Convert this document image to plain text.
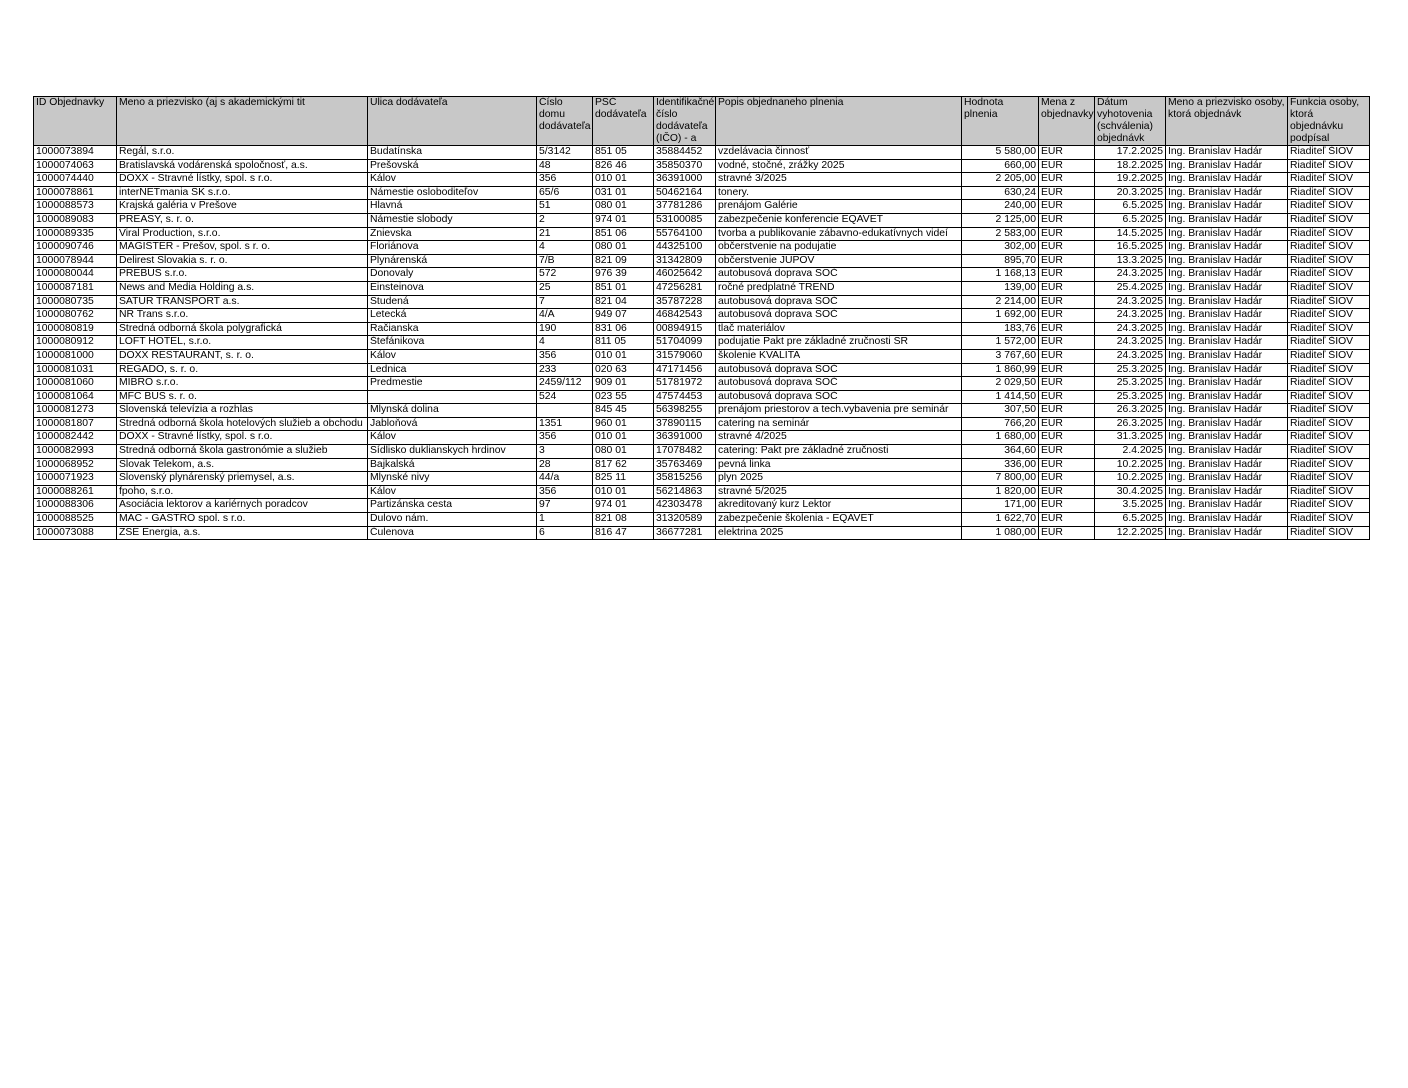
ID Objednavky	Meno a priezvisko (aj s akademickými tit	Ulica dodávateľa	Číslo domu dodávateľa	PSČ dodávateľa	Identifikačné číslo dodávateľa (IČO) - a	Popis objednaneho plnenia	Hodnota plnenia	Mena z objednavky	Dátum vyhotovenia (schválenia) objednávk	Meno a priezvisko osoby, ktorá objednávk	Funkcia osoby, ktorá objednávku podpísal
1000073894	Regál, s.r.o.	Budatínska	5/3142	851 05	35884452	vzdelávacia činnosť	5 580,00	EUR	17.2.2025	Ing. Branislav Hadár	Riaditeľ ŠIOV
1000074063	Bratislavská vodárenská spoločnosť, a.s.	Prešovská	48	826 46	35850370	vodné, stočné, zrážky 2025	660,00	EUR	18.2.2025	Ing. Branislav Hadár	Riaditeľ ŠIOV
1000074440	DOXX - Stravné lístky, spol. s r.o.	Kálov	356	010 01	36391000	stravné 3/2025	2 205,00	EUR	19.2.2025	Ing. Branislav Hadár	Riaditeľ ŠIOV
1000078861	interNETmania SK s.r.o.	Námestie osloboditeľov	65/6	031 01	50462164	tonery.	630,24	EUR	20.3.2025	Ing. Branislav Hadár	Riaditeľ ŠIOV
1000088573	Krajská galéria v Prešove	Hlavná	51	080 01	37781286	prenájom Galérie	240,00	EUR	6.5.2025	Ing. Branislav Hadár	Riaditeľ ŠIOV
1000089083	PREASY, s. r. o.	Námestie slobody	2	974 01	53100085	zabezpečenie konferencie EQAVET	2 125,00	EUR	6.5.2025	Ing. Branislav Hadár	Riaditeľ ŠIOV
1000089335	Viral Production, s.r.o.	Znievska	21	851 06	55764100	tvorba a publikovanie zábavno-edukatívnych videí	2 583,00	EUR	14.5.2025	Ing. Branislav Hadár	Riaditeľ ŠIOV
1000090746	MAGISTER - Prešov, spol. s r. o.	Floriánova	4	080 01	44325100	občerstvenie na podujatie	302,00	EUR	16.5.2025	Ing. Branislav Hadár	Riaditeľ ŠIOV
1000078944	Delirest Slovakia s. r. o.	Plynárenská	7/B	821 09	31342809	občerstvenie JUPOV	895,70	EUR	13.3.2025	Ing. Branislav Hadár	Riaditeľ ŠIOV
1000080044	PREBUS s.r.o.	Donovaly	572	976 39	46025642	autobusová doprava SOČ	1 168,13	EUR	24.3.2025	Ing. Branislav Hadár	Riaditeľ ŠIOV
1000087181	News and Media Holding a.s.	Einsteinova	25	851 01	47256281	ročné predplatné TREND	139,00	EUR	25.4.2025	Ing. Branislav Hadár	Riaditeľ ŠIOV
1000080735	SATUR TRANSPORT a.s.	Studená	7	821 04	35787228	autobusová doprava SOČ	2 214,00	EUR	24.3.2025	Ing. Branislav Hadár	Riaditeľ ŠIOV
1000080762	NR Trans s.r.o.	Letecká	4/A	949 07	46842543	autobusová doprava SOČ	1 692,00	EUR	24.3.2025	Ing. Branislav Hadár	Riaditeľ ŠIOV
1000080819	Stredná odborná škola polygrafická	Račianska	190	831 06	00894915	tlač materiálov	183,76	EUR	24.3.2025	Ing. Branislav Hadár	Riaditeľ ŠIOV
1000080912	LOFT HOTEL, s.r.o.	Štefánikova	4	811 05	51704099	podujatie Pakt pre základné zručnosti SR	1 572,00	EUR	24.3.2025	Ing. Branislav Hadár	Riaditeľ ŠIOV
1000081000	DOXX RESTAURANT, s. r. o.	Kálov	356	010 01	31579060	školenie KVALITA	3 767,60	EUR	24.3.2025	Ing. Branislav Hadár	Riaditeľ ŠIOV
1000081031	REGADO, s. r. o.	Lednica	233	020 63	47171456	autobusová doprava SOČ	1 860,99	EUR	25.3.2025	Ing. Branislav Hadár	Riaditeľ ŠIOV
1000081060	MIBRO s.r.o.	Predmestie	2459/112	909 01	51781972	autobusová doprava SOČ	2 029,50	EUR	25.3.2025	Ing. Branislav Hadár	Riaditeľ ŠIOV
1000081064	MFC BUS s. r. o.		524	023 55	47574453	autobusová doprava SOČ	1 414,50	EUR	25.3.2025	Ing. Branislav Hadár	Riaditeľ ŠIOV
1000081273	Slovenská televízia a rozhlas	Mlynská dolina		845 45	56398255	prenájom priestorov a tech.vybavenia pre seminár	307,50	EUR	26.3.2025	Ing. Branislav Hadár	Riaditeľ ŠIOV
1000081807	Stredná odborná škola hotelových služieb a obchodu	Jabloňová	1351	960 01	37890115	catering na seminár	766,20	EUR	26.3.2025	Ing. Branislav Hadár	Riaditeľ ŠIOV
1000082442	DOXX - Stravné lístky, spol. s r.o.	Kálov	356	010 01	36391000	stravné 4/2025	1 680,00	EUR	31.3.2025	Ing. Branislav Hadár	Riaditeľ ŠIOV
1000082993	Stredná odborná škola gastronómie a služieb	Sídlisko duklianskych hrdinov	3	080 01	17078482	catering: Pakt pre základné zručnosti	364,60	EUR	2.4.2025	Ing. Branislav Hadár	Riaditeľ ŠIOV
1000068952	Slovak Telekom, a.s.	Bajkalská	28	817 62	35763469	pevná linka	336,00	EUR	10.2.2025	Ing. Branislav Hadár	Riaditeľ ŠIOV
1000071923	Slovenský plynárenský priemysel, a.s.	Mlynské nivy	44/a	825 11	35815256	plyn 2025	7 800,00	EUR	10.2.2025	Ing. Branislav Hadár	Riaditeľ ŠIOV
1000088261	fpoho, s.r.o.	Kálov	356	010 01	56214863	stravné 5/2025	1 820,00	EUR	30.4.2025	Ing. Branislav Hadár	Riaditeľ ŠIOV
1000088306	Asociácia lektorov a kariérnych poradcov	Partizánska cesta	97	974 01	42303478	akreditovaný kurz Lektor	171,00	EUR	3.5.2025	Ing. Branislav Hadár	Riaditeľ ŠIOV
1000088525	MAC - GASTRO spol. s r.o.	Dulovo nám.	1	821 08	31320589	zabezpečenie školenia - EQAVET	1 622,70	EUR	6.5.2025	Ing. Branislav Hadár	Riaditeľ ŠIOV
1000073088	ZSE Energia, a.s.	Čulenova	6	816 47	36677281	elektrina 2025	1 080,00	EUR	12.2.2025	Ing. Branislav Hadár	Riaditeľ ŠIOV
